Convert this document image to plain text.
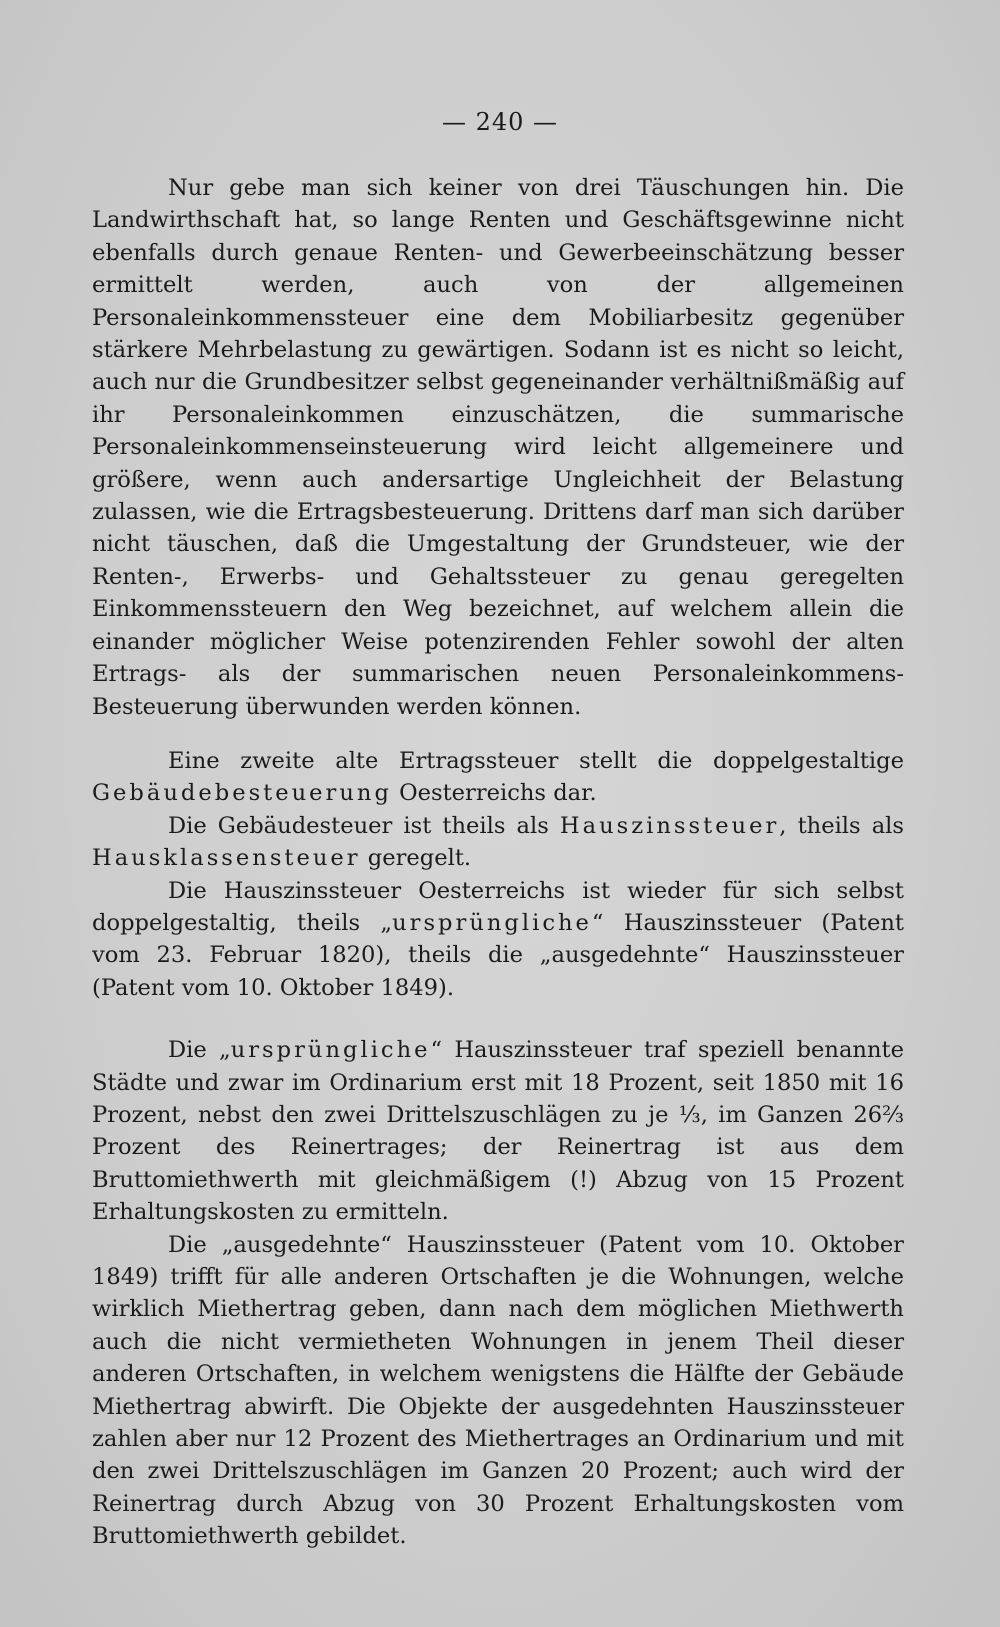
— 240 —

Nur gebe man sich keiner von drei Täuschungen hin. Die Landwirthschaft hat, so lange Renten und Geschäftsgewinne nicht ebenfalls durch genaue Renten- und Gewerbeeinschätzung besser ermittelt werden, auch von der allgemeinen Personaleinkommenssteuer eine dem Mobiliarbesitz gegenüber stärkere Mehrbelastung zu gewärtigen. Sodann ist es nicht so leicht, auch nur die Grundbesitzer selbst gegeneinander verhältnißmäßig auf ihr Personaleinkommen einzuschätzen, die summarische Personaleinkommenseinsteuerung wird leicht allgemeinere und größere, wenn auch andersartige Ungleichheit der Belastung zulassen, wie die Ertragsbesteuerung. Drittens darf man sich darüber nicht täuschen, daß die Umgestaltung der Grundsteuer, wie der Renten-, Erwerbs- und Gehaltssteuer zu genau geregelten Einkommenssteuern den Weg bezeichnet, auf welchem allein die einander möglicher Weise potenzirenden Fehler sowohl der alten Ertrags- als der summarischen neuen Personaleinkommens-Besteuerung überwunden werden können.

Eine zweite alte Ertragssteuer stellt die doppelgestaltige Gebäudebesteuerung Oesterreichs dar.

Die Gebäudesteuer ist theils als Hauszinssteuer, theils als Hausklassensteuer geregelt.

Die Hauszinssteuer Oesterreichs ist wieder für sich selbst doppelgestaltig, theils „ursprüngliche“ Hauszinssteuer (Patent vom 23. Februar 1820), theils die „ausgedehnte“ Hauszinssteuer (Patent vom 10. Oktober 1849).

Die „ursprüngliche“ Hauszinssteuer traf speziell benannte Städte und zwar im Ordinarium erst mit 18 Prozent, seit 1850 mit 16 Prozent, nebst den zwei Drittelszuschlägen zu je ⅓, im Ganzen 26⅔ Prozent des Reinertrages; der Reinertrag ist aus dem Bruttomiethwerth mit gleichmäßigem (!) Abzug von 15 Prozent Erhaltungskosten zu ermitteln.

Die „ausgedehnte“ Hauszinssteuer (Patent vom 10. Oktober 1849) trifft für alle anderen Ortschaften je die Wohnungen, welche wirklich Miethertrag geben, dann nach dem möglichen Miethwerth auch die nicht vermietheten Wohnungen in jenem Theil dieser anderen Ortschaften, in welchem wenigstens die Hälfte der Gebäude Miethertrag abwirft. Die Objekte der ausgedehnten Hauszinssteuer zahlen aber nur 12 Prozent des Miethertrages an Ordinarium und mit den zwei Drittelszuschlägen im Ganzen 20 Prozent; auch wird der Reinertrag durch Abzug von 30 Prozent Erhaltungskosten vom Bruttomiethwerth gebildet.
